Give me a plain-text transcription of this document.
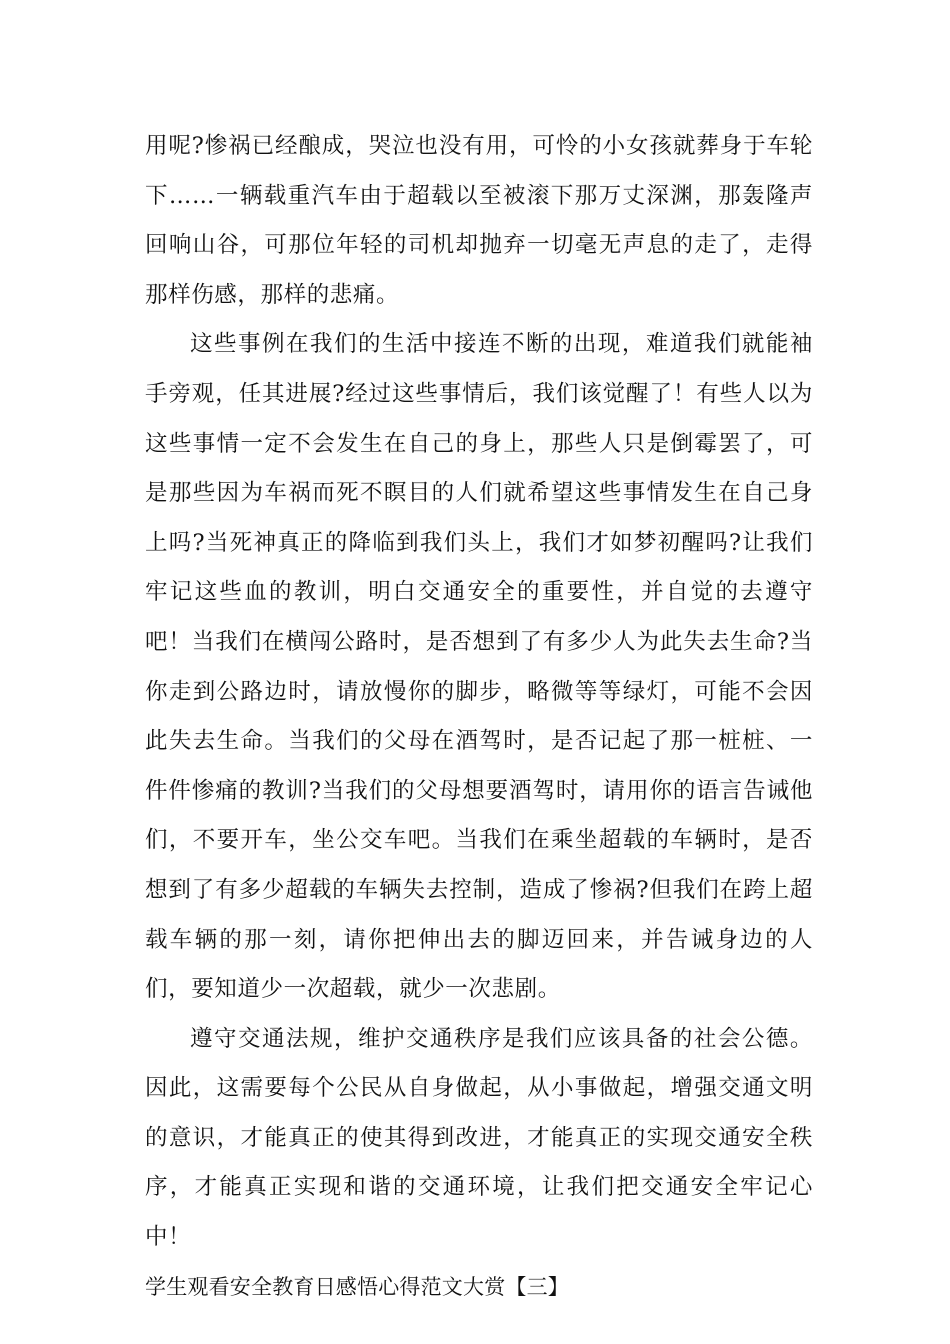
用呢?惨祸已经酿成，哭泣也没有用，可怜的小女孩就葬身于车轮下……一辆载重汽车由于超载以至被滚下那万丈深渊，那轰隆声回响山谷，可那位年轻的司机却抛弃一切毫无声息的走了，走得那样伤感，那样的悲痛。

这些事例在我们的生活中接连不断的出现，难道我们就能袖手旁观，任其进展?经过这些事情后，我们该觉醒了！有些人以为这些事情一定不会发生在自己的身上，那些人只是倒霉罢了，可是那些因为车祸而死不瞑目的人们就希望这些事情发生在自己身上吗?当死神真正的降临到我们头上，我们才如梦初醒吗?让我们牢记这些血的教训，明白交通安全的重要性，并自觉的去遵守吧！当我们在横闯公路时，是否想到了有多少人为此失去生命?当你走到公路边时，请放慢你的脚步，略微等等绿灯，可能不会因此失去生命。当我们的父母在酒驾时，是否记起了那一桩桩、一件件惨痛的教训?当我们的父母想要酒驾时，请用你的语言告诫他们，不要开车，坐公交车吧。当我们在乘坐超载的车辆时，是否想到了有多少超载的车辆失去控制，造成了惨祸?但我们在跨上超载车辆的那一刻，请你把伸出去的脚迈回来，并告诫身边的人们，要知道少一次超载，就少一次悲剧。

遵守交通法规，维护交通秩序是我们应该具备的社会公德。因此，这需要每个公民从自身做起，从小事做起，增强交通文明的意识，才能真正的使其得到改进，才能真正的实现交通安全秩序，才能真正实现和谐的交通环境，让我们把交通安全牢记心中！

学生观看安全教育日感悟心得范文大赏【三】
